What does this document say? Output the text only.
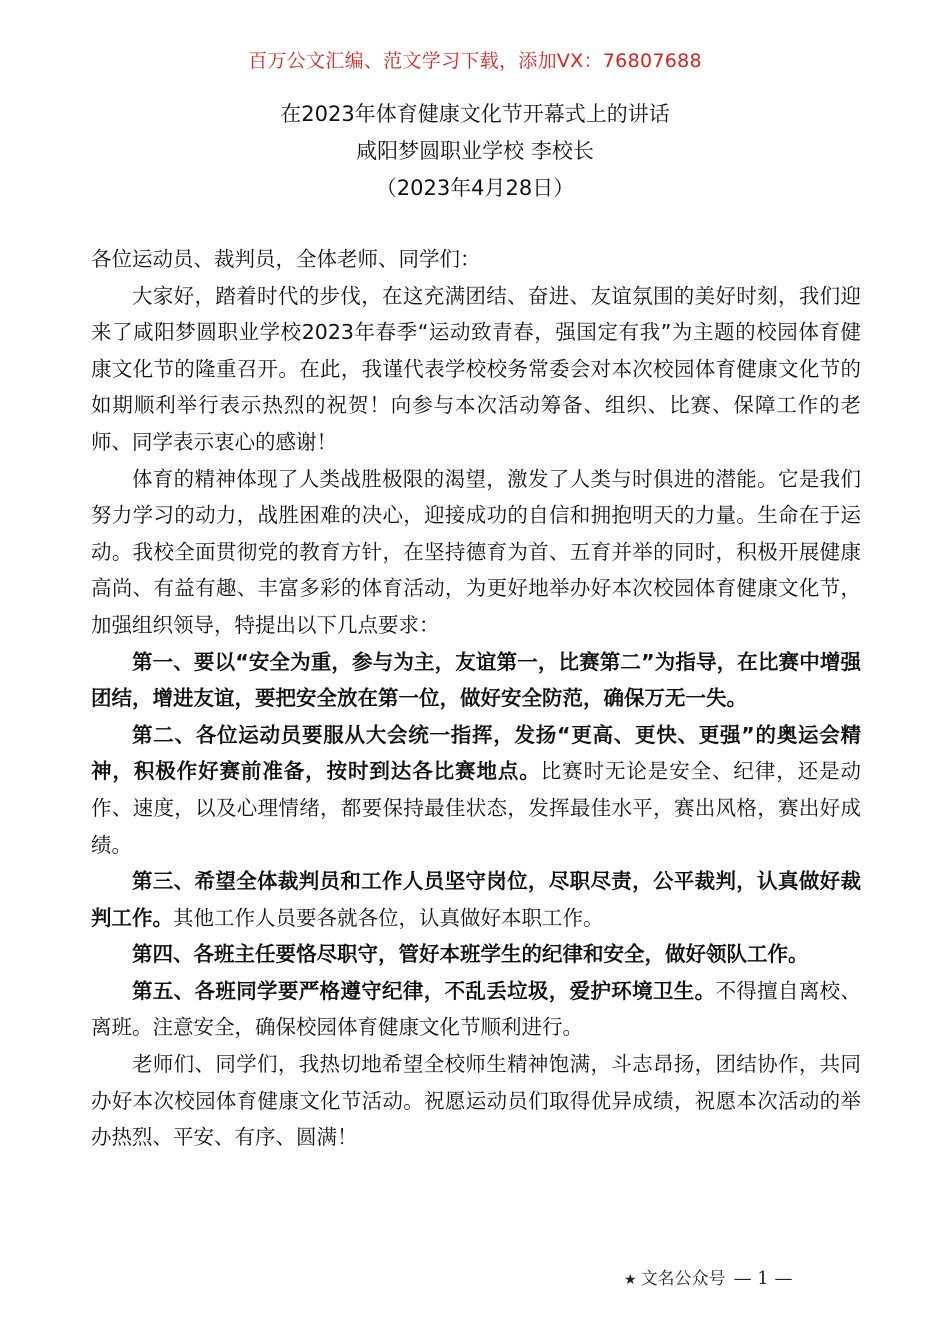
百万公文汇编、范文学习下载，添加VX：76807688
在2023年体育健康文化节开幕式上的讲话
咸阳梦圆职业学校 李校长
（2023年4月28日）

各位运动员、裁判员，全体老师、同学们：

大家好，踏着时代的步伐，在这充满团结、奋进、友谊氛围的美好时刻，我们迎来了咸阳梦圆职业学校2023年春季“运动致青春，强国定有我”为主题的校园体育健康文化节的隆重召开。在此，我谨代表学校校务常委会对本次校园体育健康文化节的如期顺利举行表示热烈的祝贺！向参与本次活动筹备、组织、比赛、保障工作的老师、同学表示衷心的感谢！

体育的精神体现了人类战胜极限的渴望，激发了人类与时俱进的潜能。它是我们努力学习的动力，战胜困难的决心，迎接成功的自信和拥抱明天的力量。生命在于运动。我校全面贯彻党的教育方针，在坚持德育为首、五育并举的同时，积极开展健康高尚、有益有趣、丰富多彩的体育活动，为更好地举办好本次校园体育健康文化节，加强组织领导，特提出以下几点要求：

第一、要以“安全为重，参与为主，友谊第一，比赛第二”为指导，在比赛中增强团结，增进友谊，要把安全放在第一位，做好安全防范，确保万无一失。

第二、各位运动员要服从大会统一指挥，发扬“更高、更快、更强”的奥运会精神，积极作好赛前准备，按时到达各比赛地点。比赛时无论是安全、纪律，还是动作、速度，以及心理情绪，都要保持最佳状态，发挥最佳水平，赛出风格，赛出好成绩。

第三、希望全体裁判员和工作人员坚守岗位，尽职尽责，公平裁判，认真做好裁判工作。其他工作人员要各就各位，认真做好本职工作。

第四、各班主任要恪尽职守，管好本班学生的纪律和安全，做好领队工作。

第五、各班同学要严格遵守纪律，不乱丢垃圾，爱护环境卫生。不得擅自离校、离班。注意安全，确保校园体育健康文化节顺利进行。

老师们、同学们，我热切地希望全校师生精神饱满，斗志昂扬，团结协作，共同办好本次校园体育健康文化节活动。祝愿运动员们取得优异成绩，祝愿本次活动的举办热烈、平安、有序、圆满！

★ 文名公众号 — 1 —
